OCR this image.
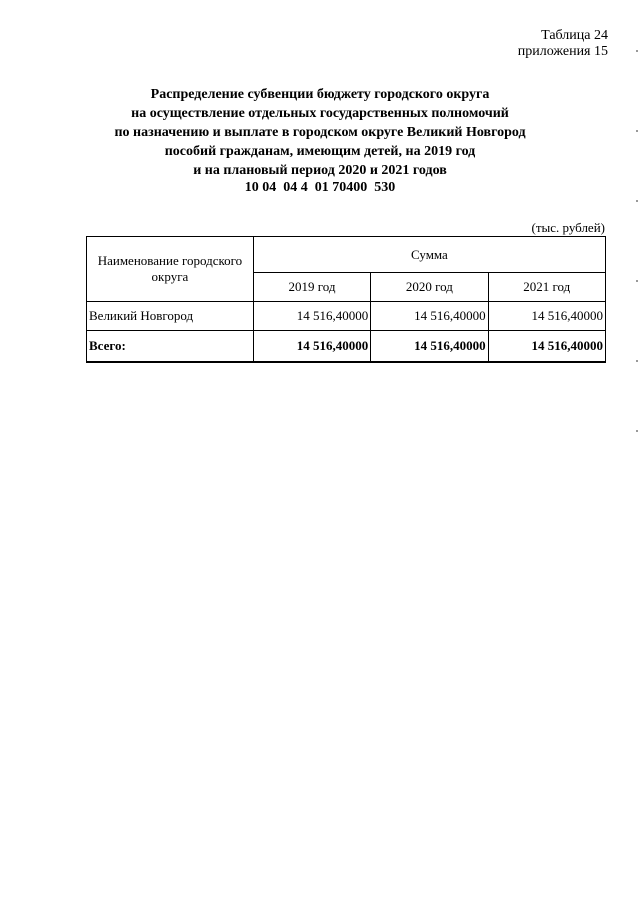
Таблица 24
приложения 15
Распределение субвенции бюджету городского округа
на осуществление отдельных государственных полномочий
по назначению и выплате в городском округе Великий Новгород
пособий гражданам, имеющим детей, на 2019 год
и на плановый период 2020 и 2021 годов
10 04  04 4  01 70400  530
(тыс. рублей)
Наименование городского округа	Сумма		
	2019 год	2020 год	2021 год
Великий Новгород	14 516,40000	14 516,40000	14 516,40000
Всего:	14 516,40000	14 516,40000	14 516,40000
